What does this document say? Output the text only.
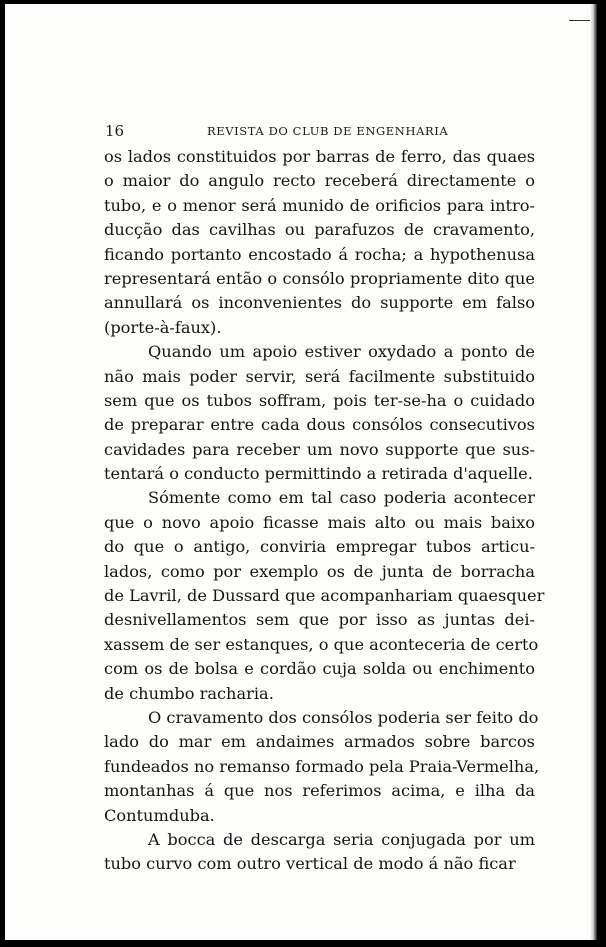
16	REVISTA DO CLUB DE ENGENHARIA
os lados constituidos por barras de ferro, das quaes
o maior do angulo recto receberá directamente o
tubo, e o menor será munido de orificios para intro-
ducção das cavilhas ou parafuzos de cravamento,
ficando portanto encostado á rocha; a hypothenusa
representará então o consólo propriamente dito que
annullará os inconvenientes do supporte em falso
(porte-à-faux).
Quando um apoio estiver oxydado a ponto de
não mais poder servir, será facilmente substituido
sem que os tubos soffram, pois ter-se-ha o cuidado
de preparar entre cada dous consólos consecutivos
cavidades para receber um novo supporte que sus-
tentará o conducto permittindo a retirada d'aquelle.
Sómente como em tal caso poderia acontecer
que o novo apoio ficasse mais alto ou mais baixo
do que o antigo, conviria empregar tubos articu-
lados, como por exemplo os de junta de borracha
de Lavril, de Dussard que acompanhariam quaesquer
desnivellamentos sem que por isso as juntas dei-
xassem de ser estanques, o que aconteceria de certo
com os de bolsa e cordão cuja solda ou enchimento
de chumbo racharia.
O cravamento dos consólos poderia ser feito do
lado do mar em andaimes armados sobre barcos
fundeados no remanso formado pela Praia-Vermelha,
montanhas á que nos referimos acima, e ilha da
Contumduba.
A bocca de descarga seria conjugada por um
tubo curvo com outro vertical de modo á não ficar
